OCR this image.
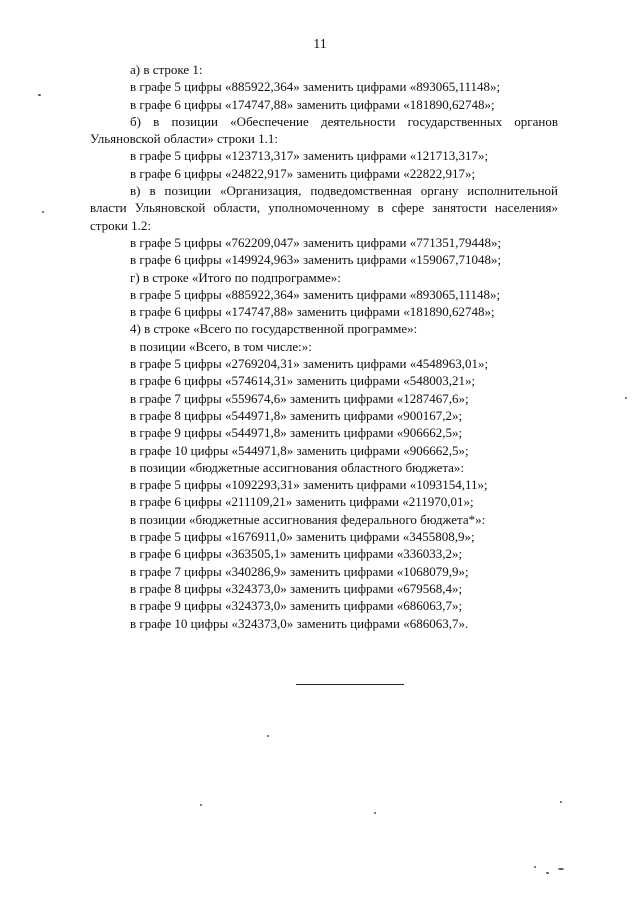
11
а) в строке 1:
в графе 5 цифры «885922,364» заменить цифрами «893065,11148»;
в графе 6 цифры «174747,88» заменить цифрами «181890,62748»;
б) в позиции «Обеспечение деятельности государственных органов
Ульяновской области» строки 1.1:
в графе 5 цифры «123713,317» заменить цифрами «121713,317»;
в графе 6 цифры «24822,917» заменить цифрами «22822,917»;
в) в позиции «Организация, подведомственная органу исполнительной
власти Ульяновской области, уполномоченному в сфере занятости населения»
строки 1.2:
в графе 5 цифры «762209,047» заменить цифрами «771351,79448»;
в графе 6 цифры «149924,963» заменить цифрами «159067,71048»;
г) в строке «Итого по подпрограмме»:
в графе 5 цифры «885922,364» заменить цифрами «893065,11148»;
в графе 6 цифры «174747,88» заменить цифрами «181890,62748»;
4) в строке «Всего по государственной программе»:
в позиции «Всего, в том числе:»:
в графе 5 цифры «2769204,31» заменить цифрами «4548963,01»;
в графе 6 цифры «574614,31» заменить цифрами «548003,21»;
в графе 7 цифры «559674,6» заменить цифрами «1287467,6»;
в графе 8 цифры «544971,8» заменить цифрами «900167,2»;
в графе 9 цифры «544971,8» заменить цифрами «906662,5»;
в графе 10 цифры «544971,8» заменить цифрами «906662,5»;
в позиции «бюджетные ассигнования областного бюджета»:
в графе 5 цифры «1092293,31» заменить цифрами «1093154,11»;
в графе 6 цифры «211109,21» заменить цифрами «211970,01»;
в позиции «бюджетные ассигнования федерального бюджета*»:
в графе 5 цифры «1676911,0» заменить цифрами «3455808,9»;
в графе 6 цифры «363505,1» заменить цифрами «336033,2»;
в графе 7 цифры «340286,9» заменить цифрами «1068079,9»;
в графе 8 цифры «324373,0» заменить цифрами «679568,4»;
в графе 9 цифры «324373,0» заменить цифрами «686063,7»;
в графе 10 цифры «324373,0» заменить цифрами «686063,7».
